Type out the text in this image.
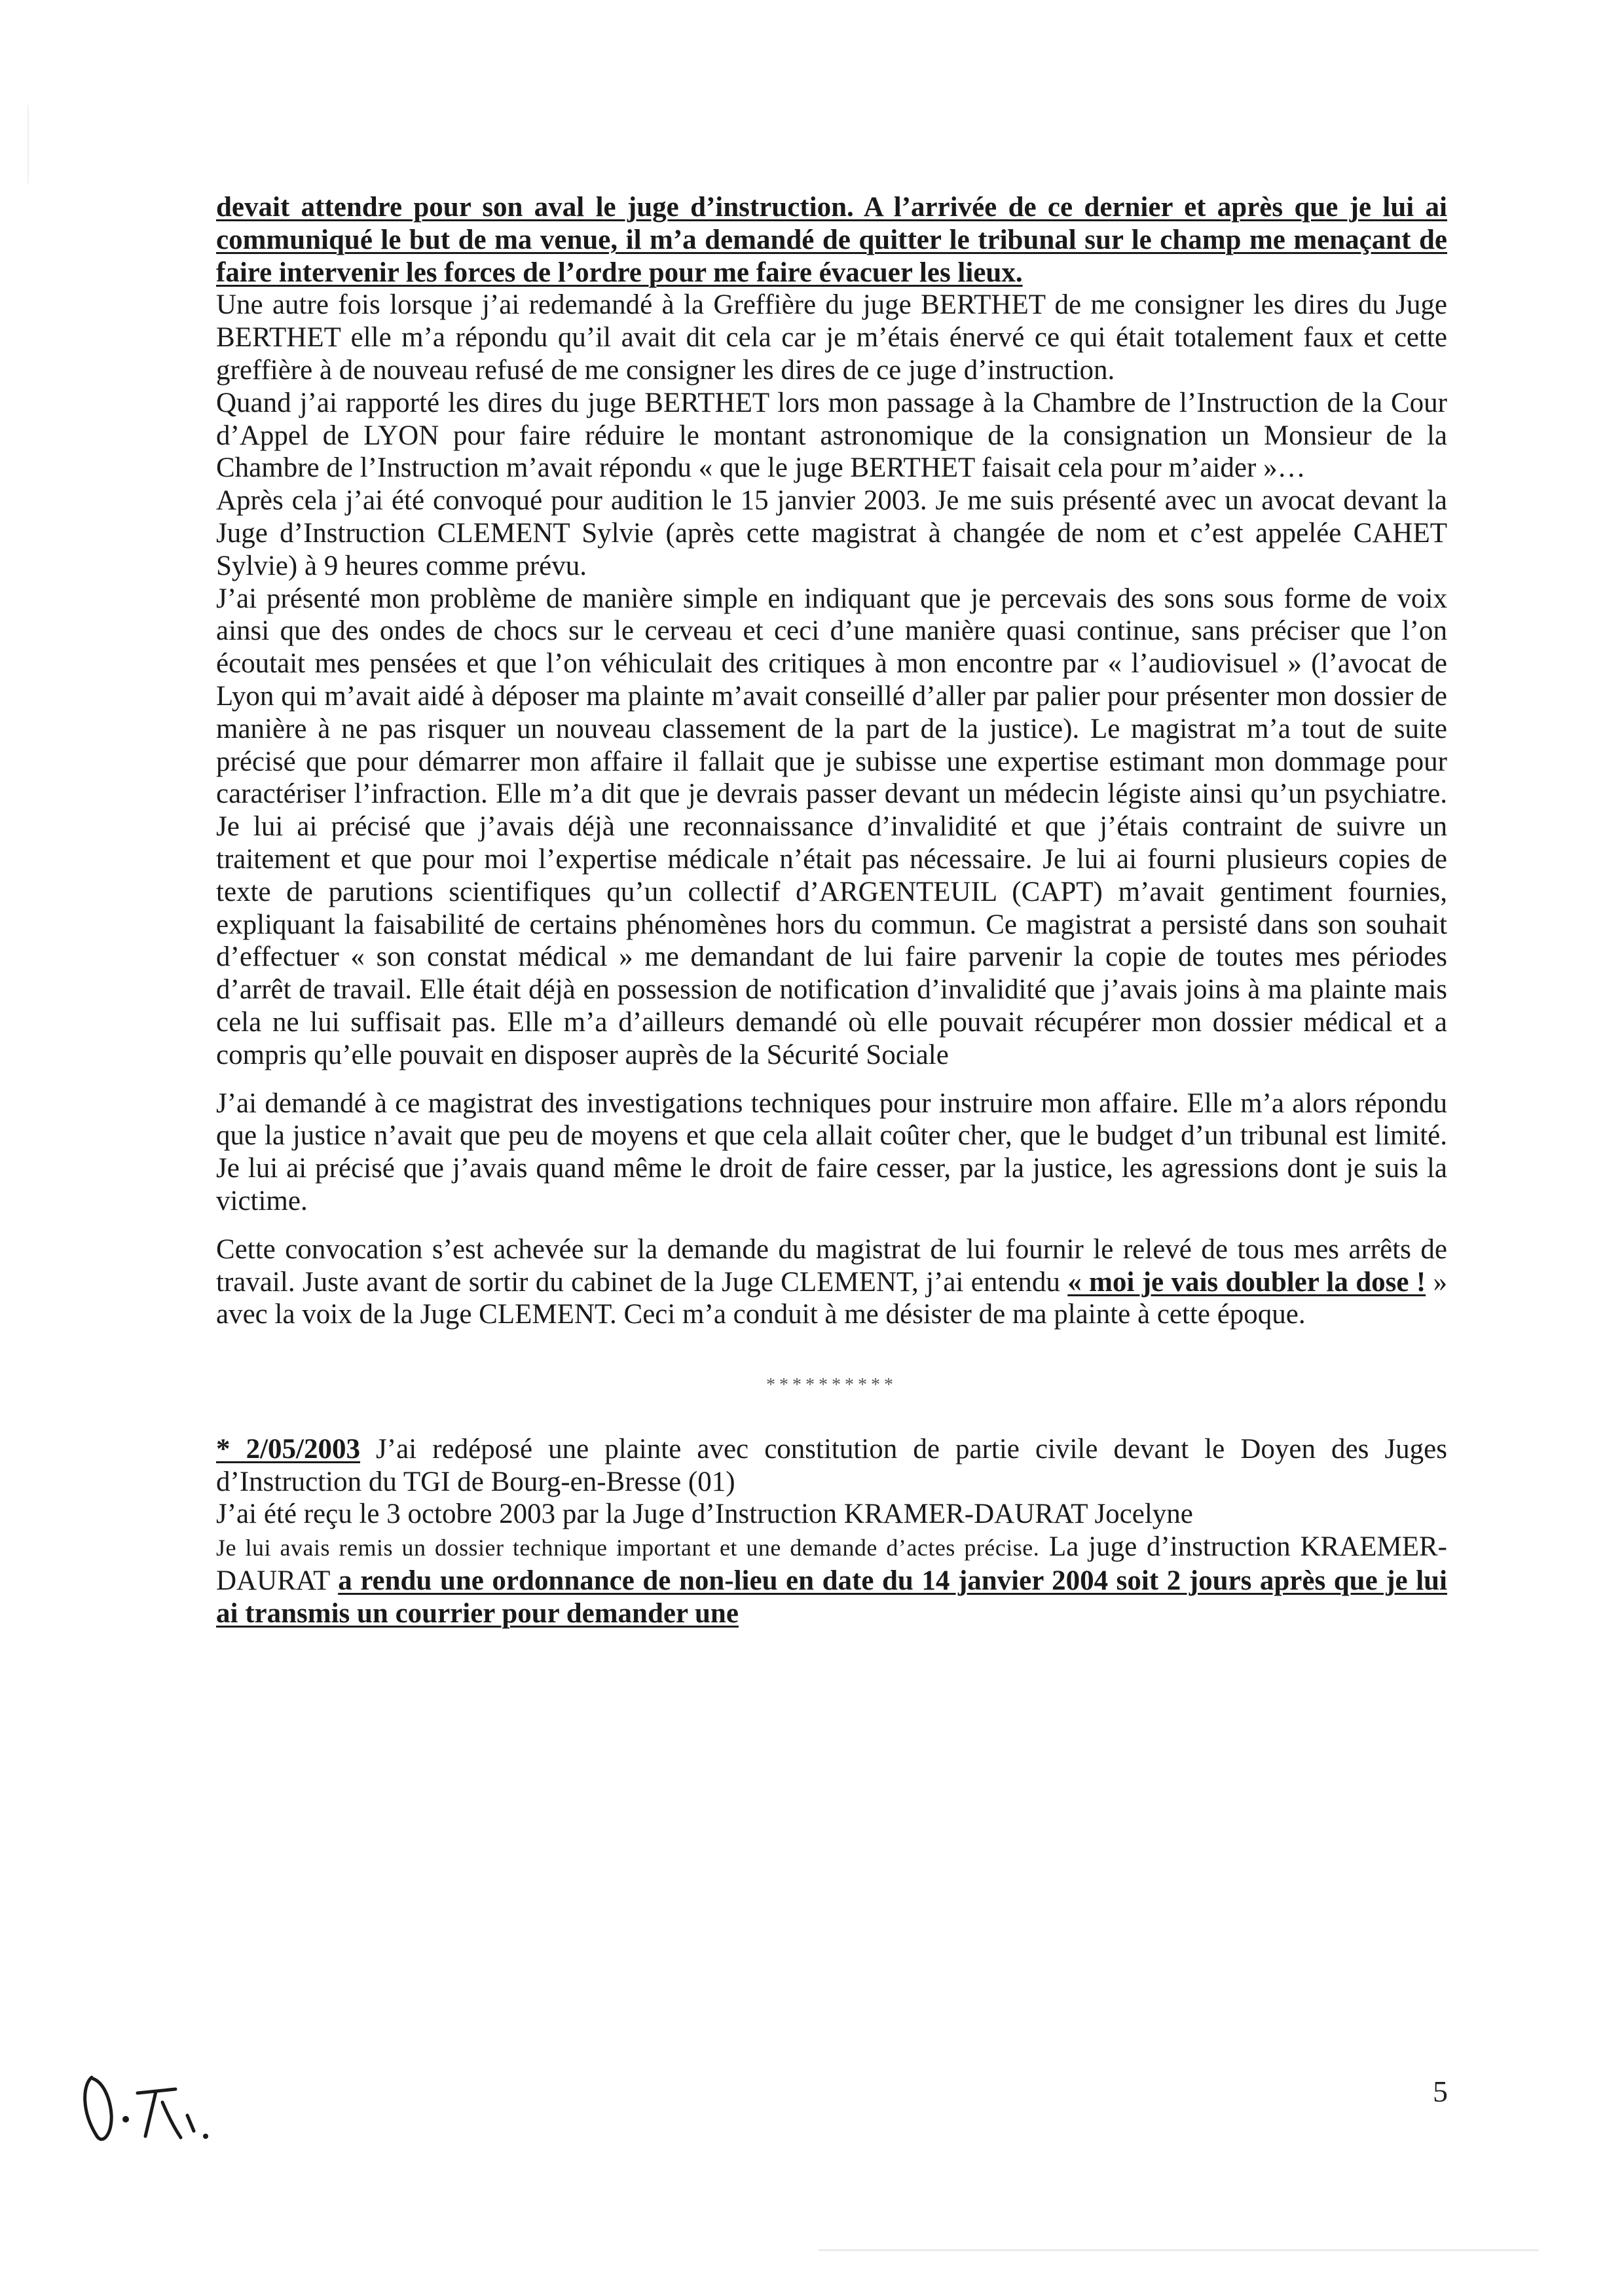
devait attendre pour son aval le juge d’instruction. A l’arrivée de ce dernier et après que je lui ai communiqué le but de ma venue, il m’a demandé de quitter le tribunal sur le champ me menaçant de faire intervenir les forces de l’ordre pour me faire évacuer les lieux.

Une autre fois lorsque j’ai redemandé à la Greffière du juge BERTHET de me consigner les dires du Juge BERTHET elle m’a répondu qu’il avait dit cela car je m’étais énervé ce qui était totalement faux et cette greffière à de nouveau refusé de me consigner les dires de ce juge d’instruction.

Quand j’ai rapporté les dires du juge BERTHET lors mon passage à la Chambre de l’Instruction de la Cour d’Appel de LYON pour faire réduire le montant astronomique de la consignation un Monsieur de la Chambre de l’Instruction m’avait répondu « que le juge BERTHET faisait cela pour m’aider »…

Après cela j’ai été convoqué pour audition le 15 janvier 2003. Je me suis présenté avec un avocat devant la Juge d’Instruction CLEMENT Sylvie (après cette magistrat à changée de nom et c’est appelée CAHET Sylvie) à 9 heures comme prévu.

J’ai présenté mon problème de manière simple en indiquant que je percevais des sons sous forme de voix ainsi que des ondes de chocs sur le cerveau et ceci d’une manière quasi continue, sans préciser que l’on écoutait mes pensées et que l’on véhiculait des critiques à mon encontre par « l’audiovisuel » (l’avocat de Lyon qui m’avait aidé à déposer ma plainte m’avait conseillé d’aller par palier pour présenter mon dossier de manière à ne pas risquer un nouveau classement de la part de la justice). Le magistrat m’a tout de suite précisé que pour démarrer mon affaire il fallait que je subisse une expertise estimant mon dommage pour caractériser l’infraction. Elle m’a dit que je devrais passer devant un médecin légiste ainsi qu’un psychiatre. Je lui ai précisé que j’avais déjà une reconnaissance d’invalidité et que j’étais contraint de suivre un traitement et que pour moi l’expertise médicale n’était pas nécessaire. Je lui ai fourni plusieurs copies de texte de parutions scientifiques qu’un collectif d’ARGENTEUIL (CAPT) m’avait gentiment fournies, expliquant la faisabilité de certains phénomènes hors du commun. Ce magistrat a persisté dans son souhait d’effectuer « son constat médical » me demandant de lui faire parvenir la copie de toutes mes périodes d’arrêt de travail. Elle était déjà en possession de notification d’invalidité que j’avais joins à ma plainte mais cela ne lui suffisait pas. Elle m’a d’ailleurs demandé où elle pouvait récupérer mon dossier médical et a compris qu’elle pouvait en disposer auprès de la Sécurité Sociale

J’ai demandé à ce magistrat des investigations techniques pour instruire mon affaire. Elle m’a alors répondu que la justice n’avait que peu de moyens et que cela allait coûter cher, que le budget d’un tribunal est limité. Je lui ai précisé que j’avais quand même le droit de faire cesser, par la justice, les agressions dont je suis la victime.

Cette convocation s’est achevée sur la demande du magistrat de lui fournir le relevé de tous mes arrêts de travail. Juste avant de sortir du cabinet de la Juge CLEMENT, j’ai entendu « moi je vais doubler la dose ! » avec la voix de la Juge CLEMENT. Ceci m’a conduit à me désister de ma plainte à cette époque.

**********

* 2/05/2003 J’ai redéposé une plainte avec constitution de partie civile devant le Doyen des Juges d’Instruction du TGI de Bourg-en-Bresse (01)

J’ai été reçu le 3 octobre 2003 par la Juge d’Instruction KRAMER-DAURAT Jocelyne

Je lui avais remis un dossier technique important et une demande d’actes précise. La juge d’instruction KRAEMER-DAURAT a rendu une ordonnance de non-lieu en date du 14 janvier 2004 soit 2 jours après que je lui ai transmis un courrier pour demander une

5
